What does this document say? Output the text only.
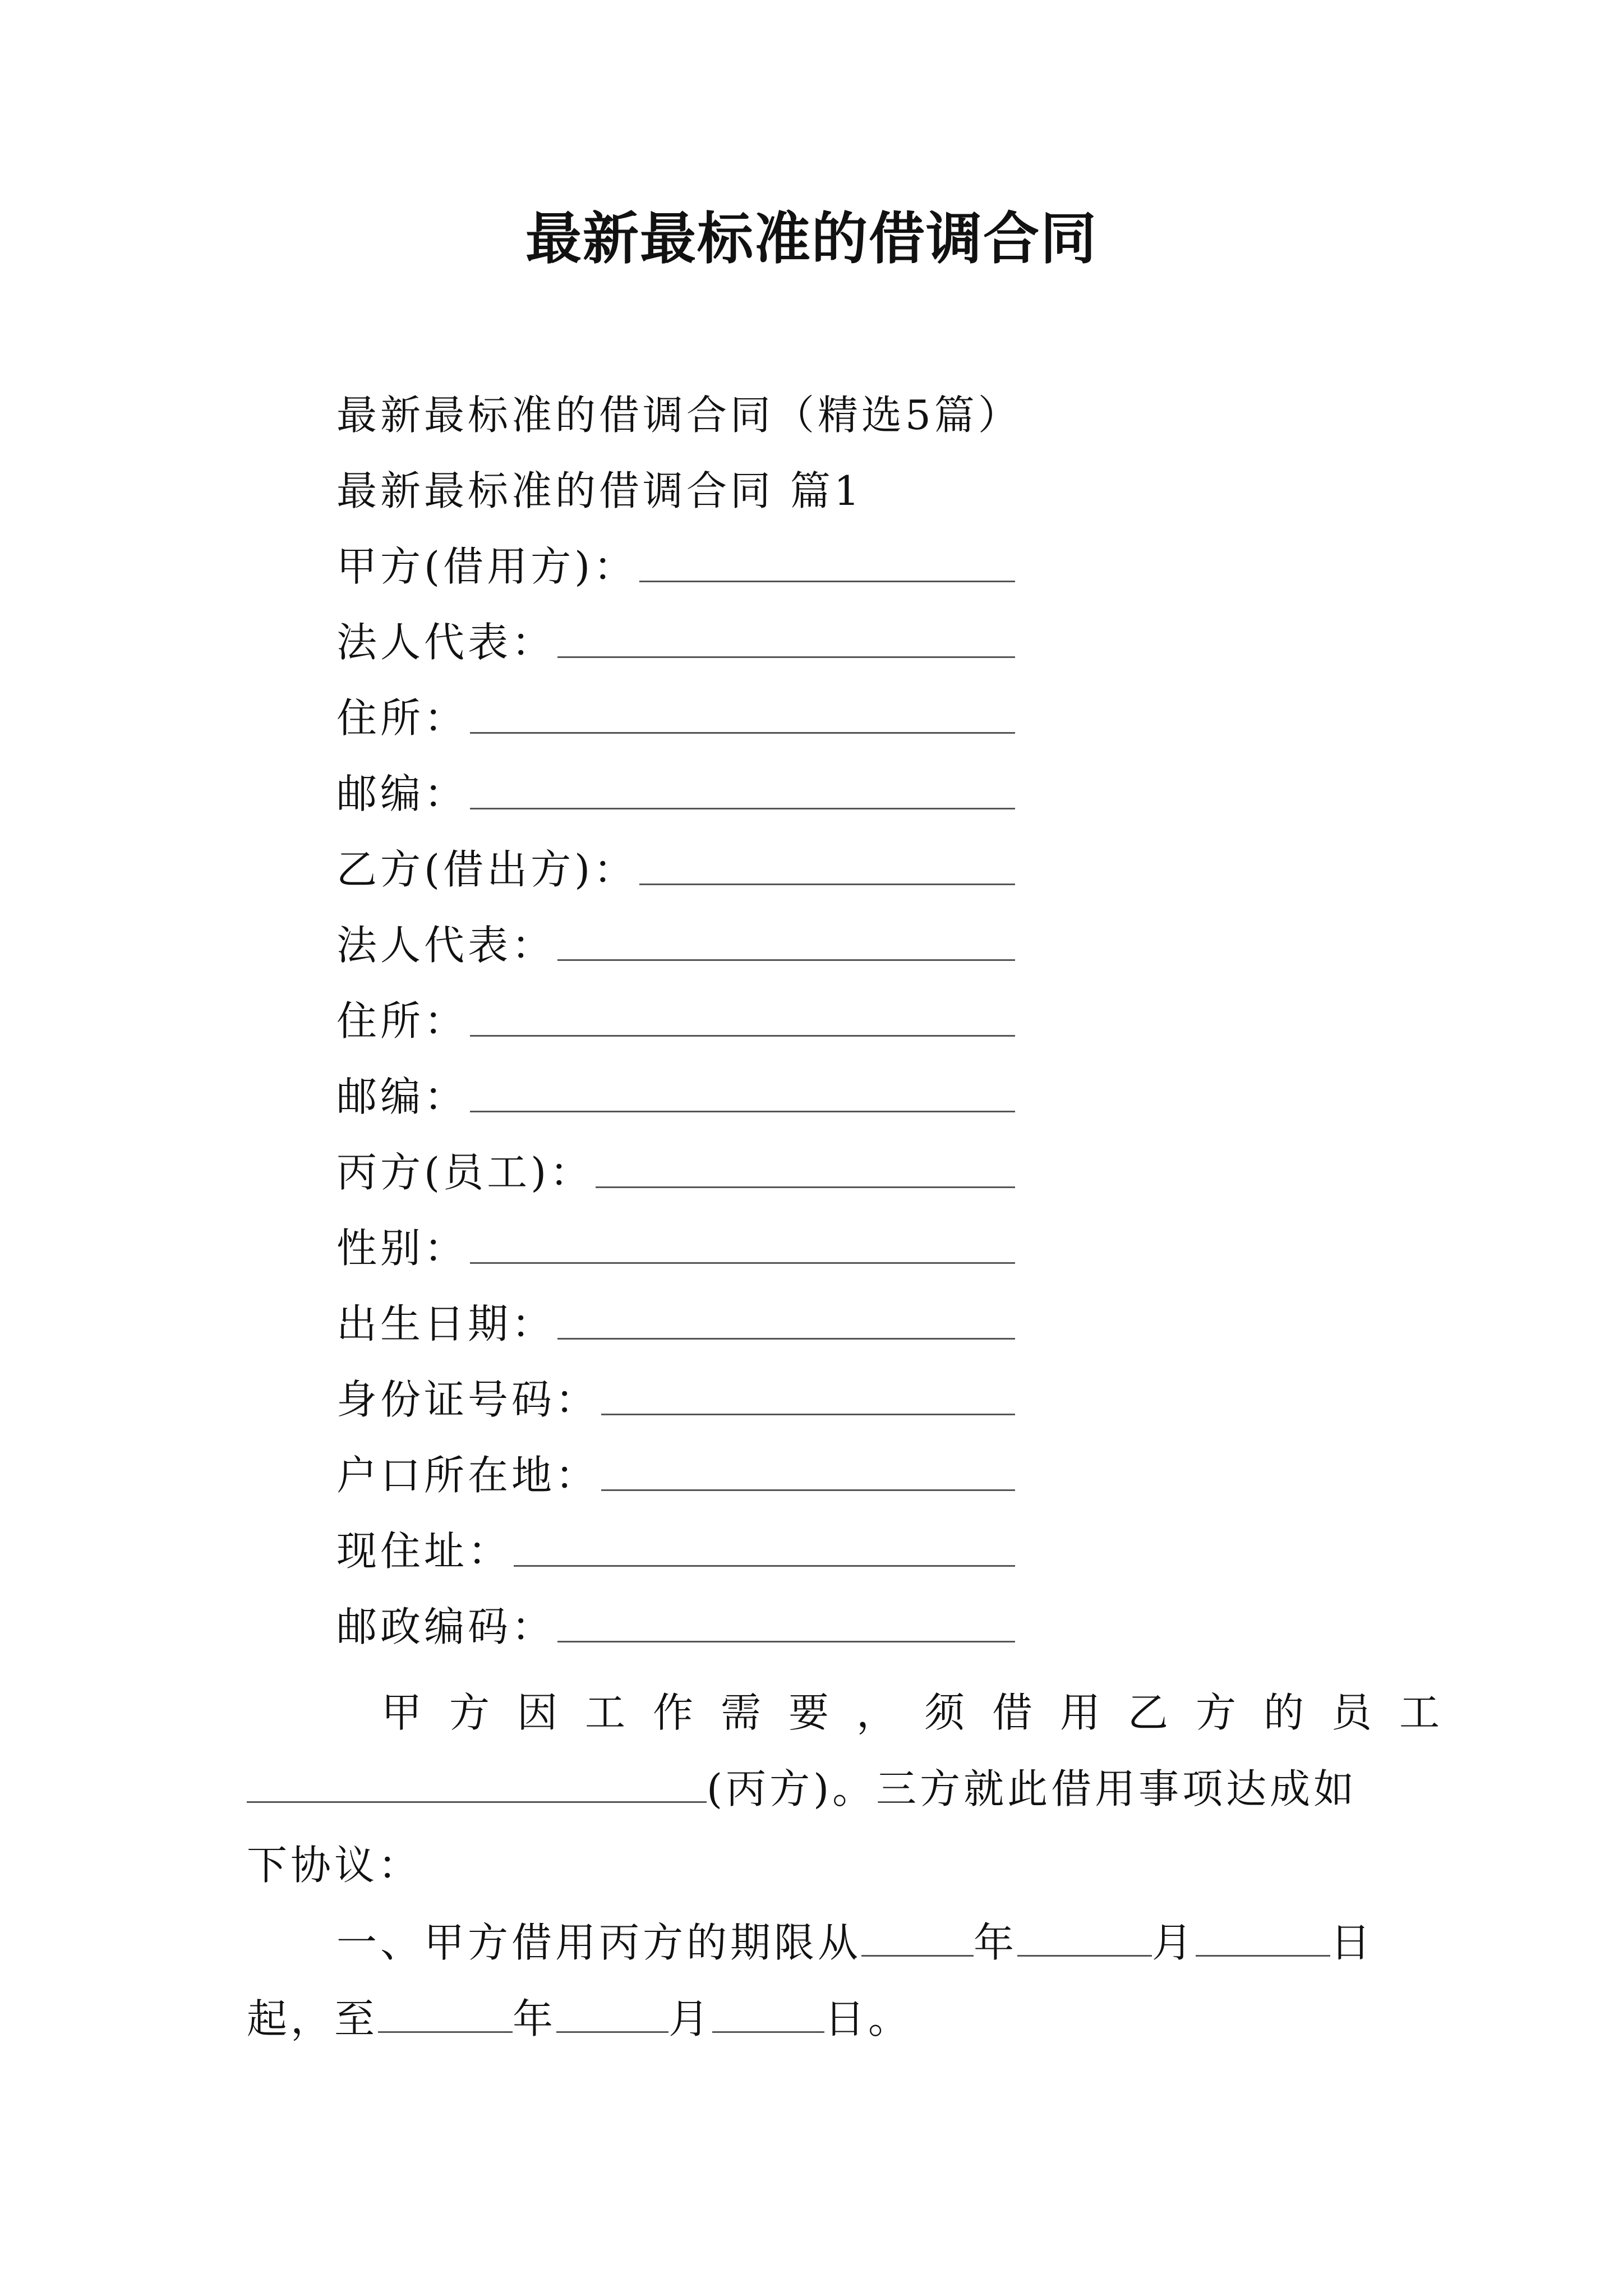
最新最标准的借调合同
最新最标准的借调合同（精选5篇）
最新最标准的借调合同 篇1
甲方(借用方)：
法人代表：
住所：
邮编：
乙方(借出方)：
法人代表：
住所：
邮编：
丙方(员工)：
性别：
出生日期：
身份证号码：
户口所在地：
现住址：
邮政编码：
甲方因工作需要，须借用乙方的员工
(丙方)。三方就此借用事项达成如
下协议：
一、甲方借用丙方的期限从	年	月	日
起，至	年	月	日。
